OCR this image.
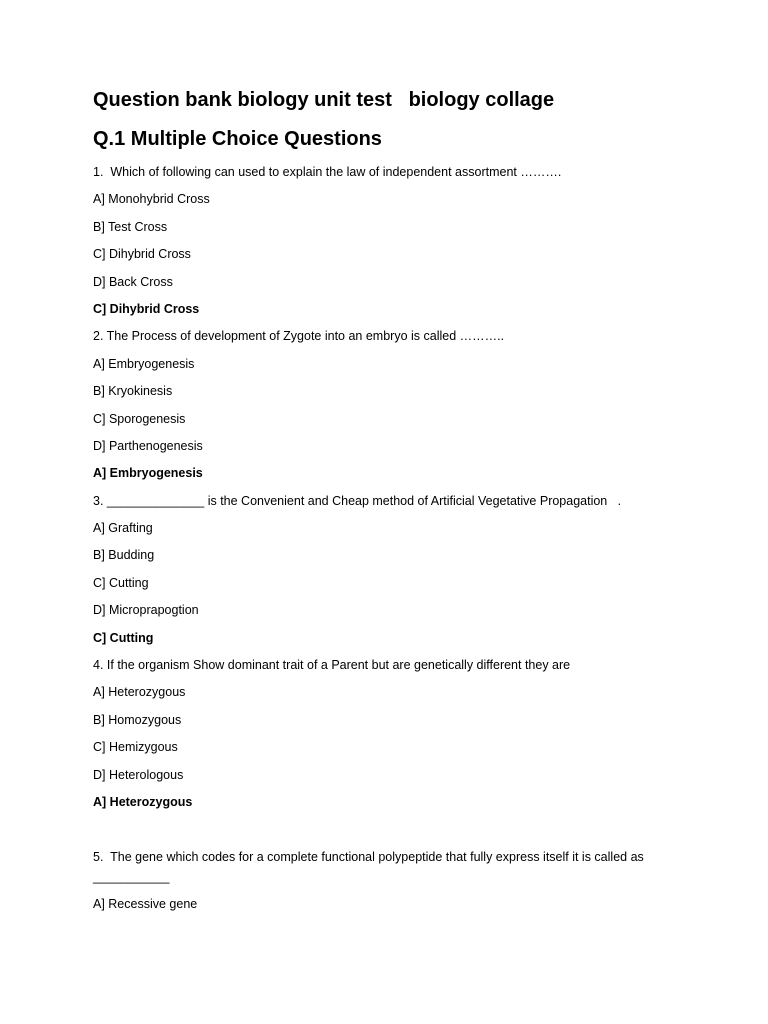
Question bank biology unit test   biology collage
Q.1 Multiple Choice Questions
1.  Which of following can used to explain the law of independent assortment ……….
A] Monohybrid Cross
B] Test Cross
C] Dihybrid Cross
D] Back Cross
C] Dihybrid Cross
2. The Process of development of Zygote into an embryo is called ………..
A] Embryogenesis
B] Kryokinesis
C] Sporogenesis
D] Parthenogenesis
A] Embryogenesis
3. ______________ is the Convenient and Cheap method of Artificial Vegetative Propagation   .
A] Grafting
B] Budding
C] Cutting
D] Microprapogtion
C] Cutting
4. If the organism Show dominant trait of a Parent but are genetically different they are
A] Heterozygous
B] Homozygous
C] Hemizygous
D] Heterologous
A] Heterozygous
5.  The gene which codes for a complete functional polypeptide that fully express itself it is called as
___________
A] Recessive gene
